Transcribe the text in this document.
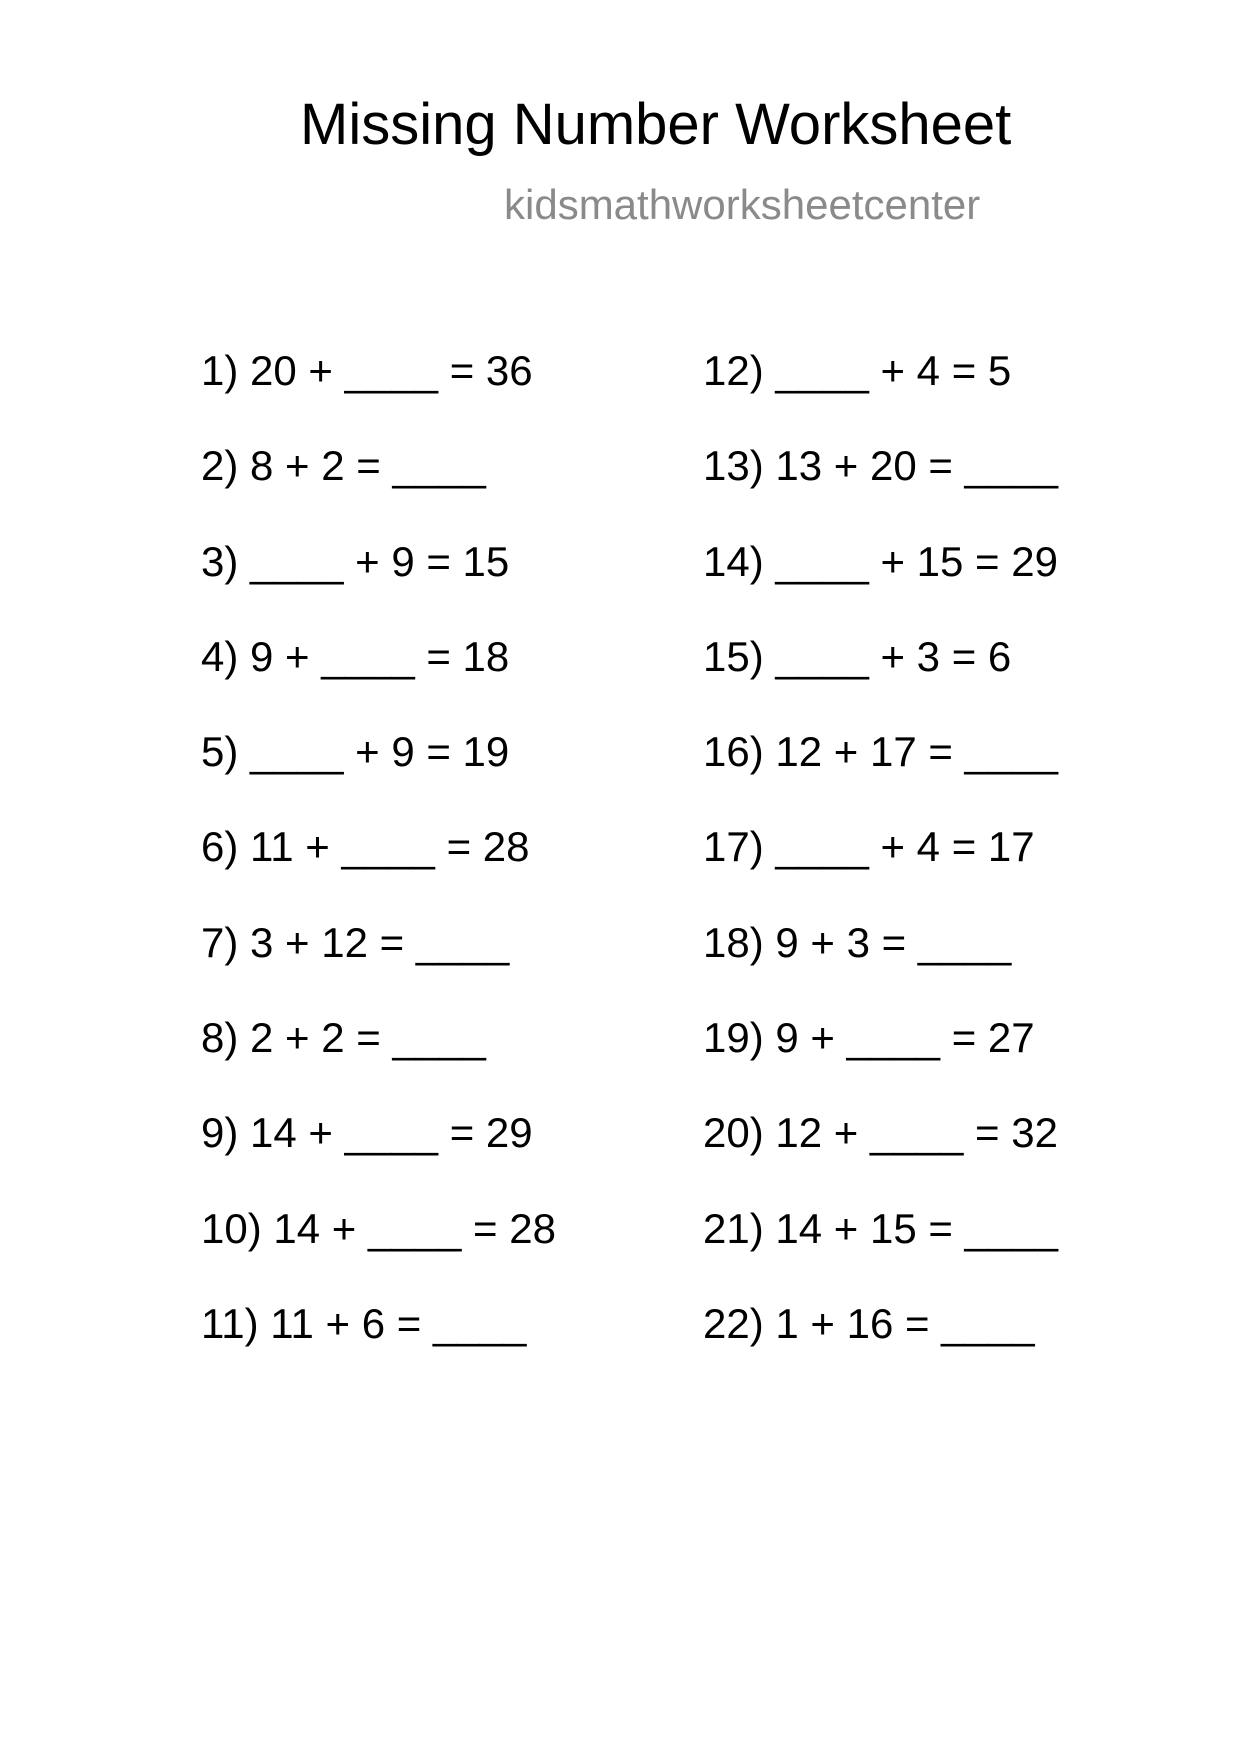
Missing Number Worksheet
kidsmathworksheetcenter
1) 20 + ____ = 36
2) 8 + 2 = ____
3) ____ + 9 = 15
4) 9 + ____ = 18
5) ____ + 9 = 19
6) 11 + ____ = 28
7) 3 + 12 = ____
8) 2 + 2 = ____
9) 14 + ____ = 29
10) 14 + ____ = 28
11) 11 + 6 = ____
12) ____ + 4 = 5
13) 13 + 20 = ____
14) ____ + 15 = 29
15) ____ + 3 = 6
16) 12 + 17 = ____
17) ____ + 4 = 17
18) 9 + 3 = ____
19) 9 + ____ = 27
20) 12 + ____ = 32
21) 14 + 15 = ____
22) 1 + 16 = ____
